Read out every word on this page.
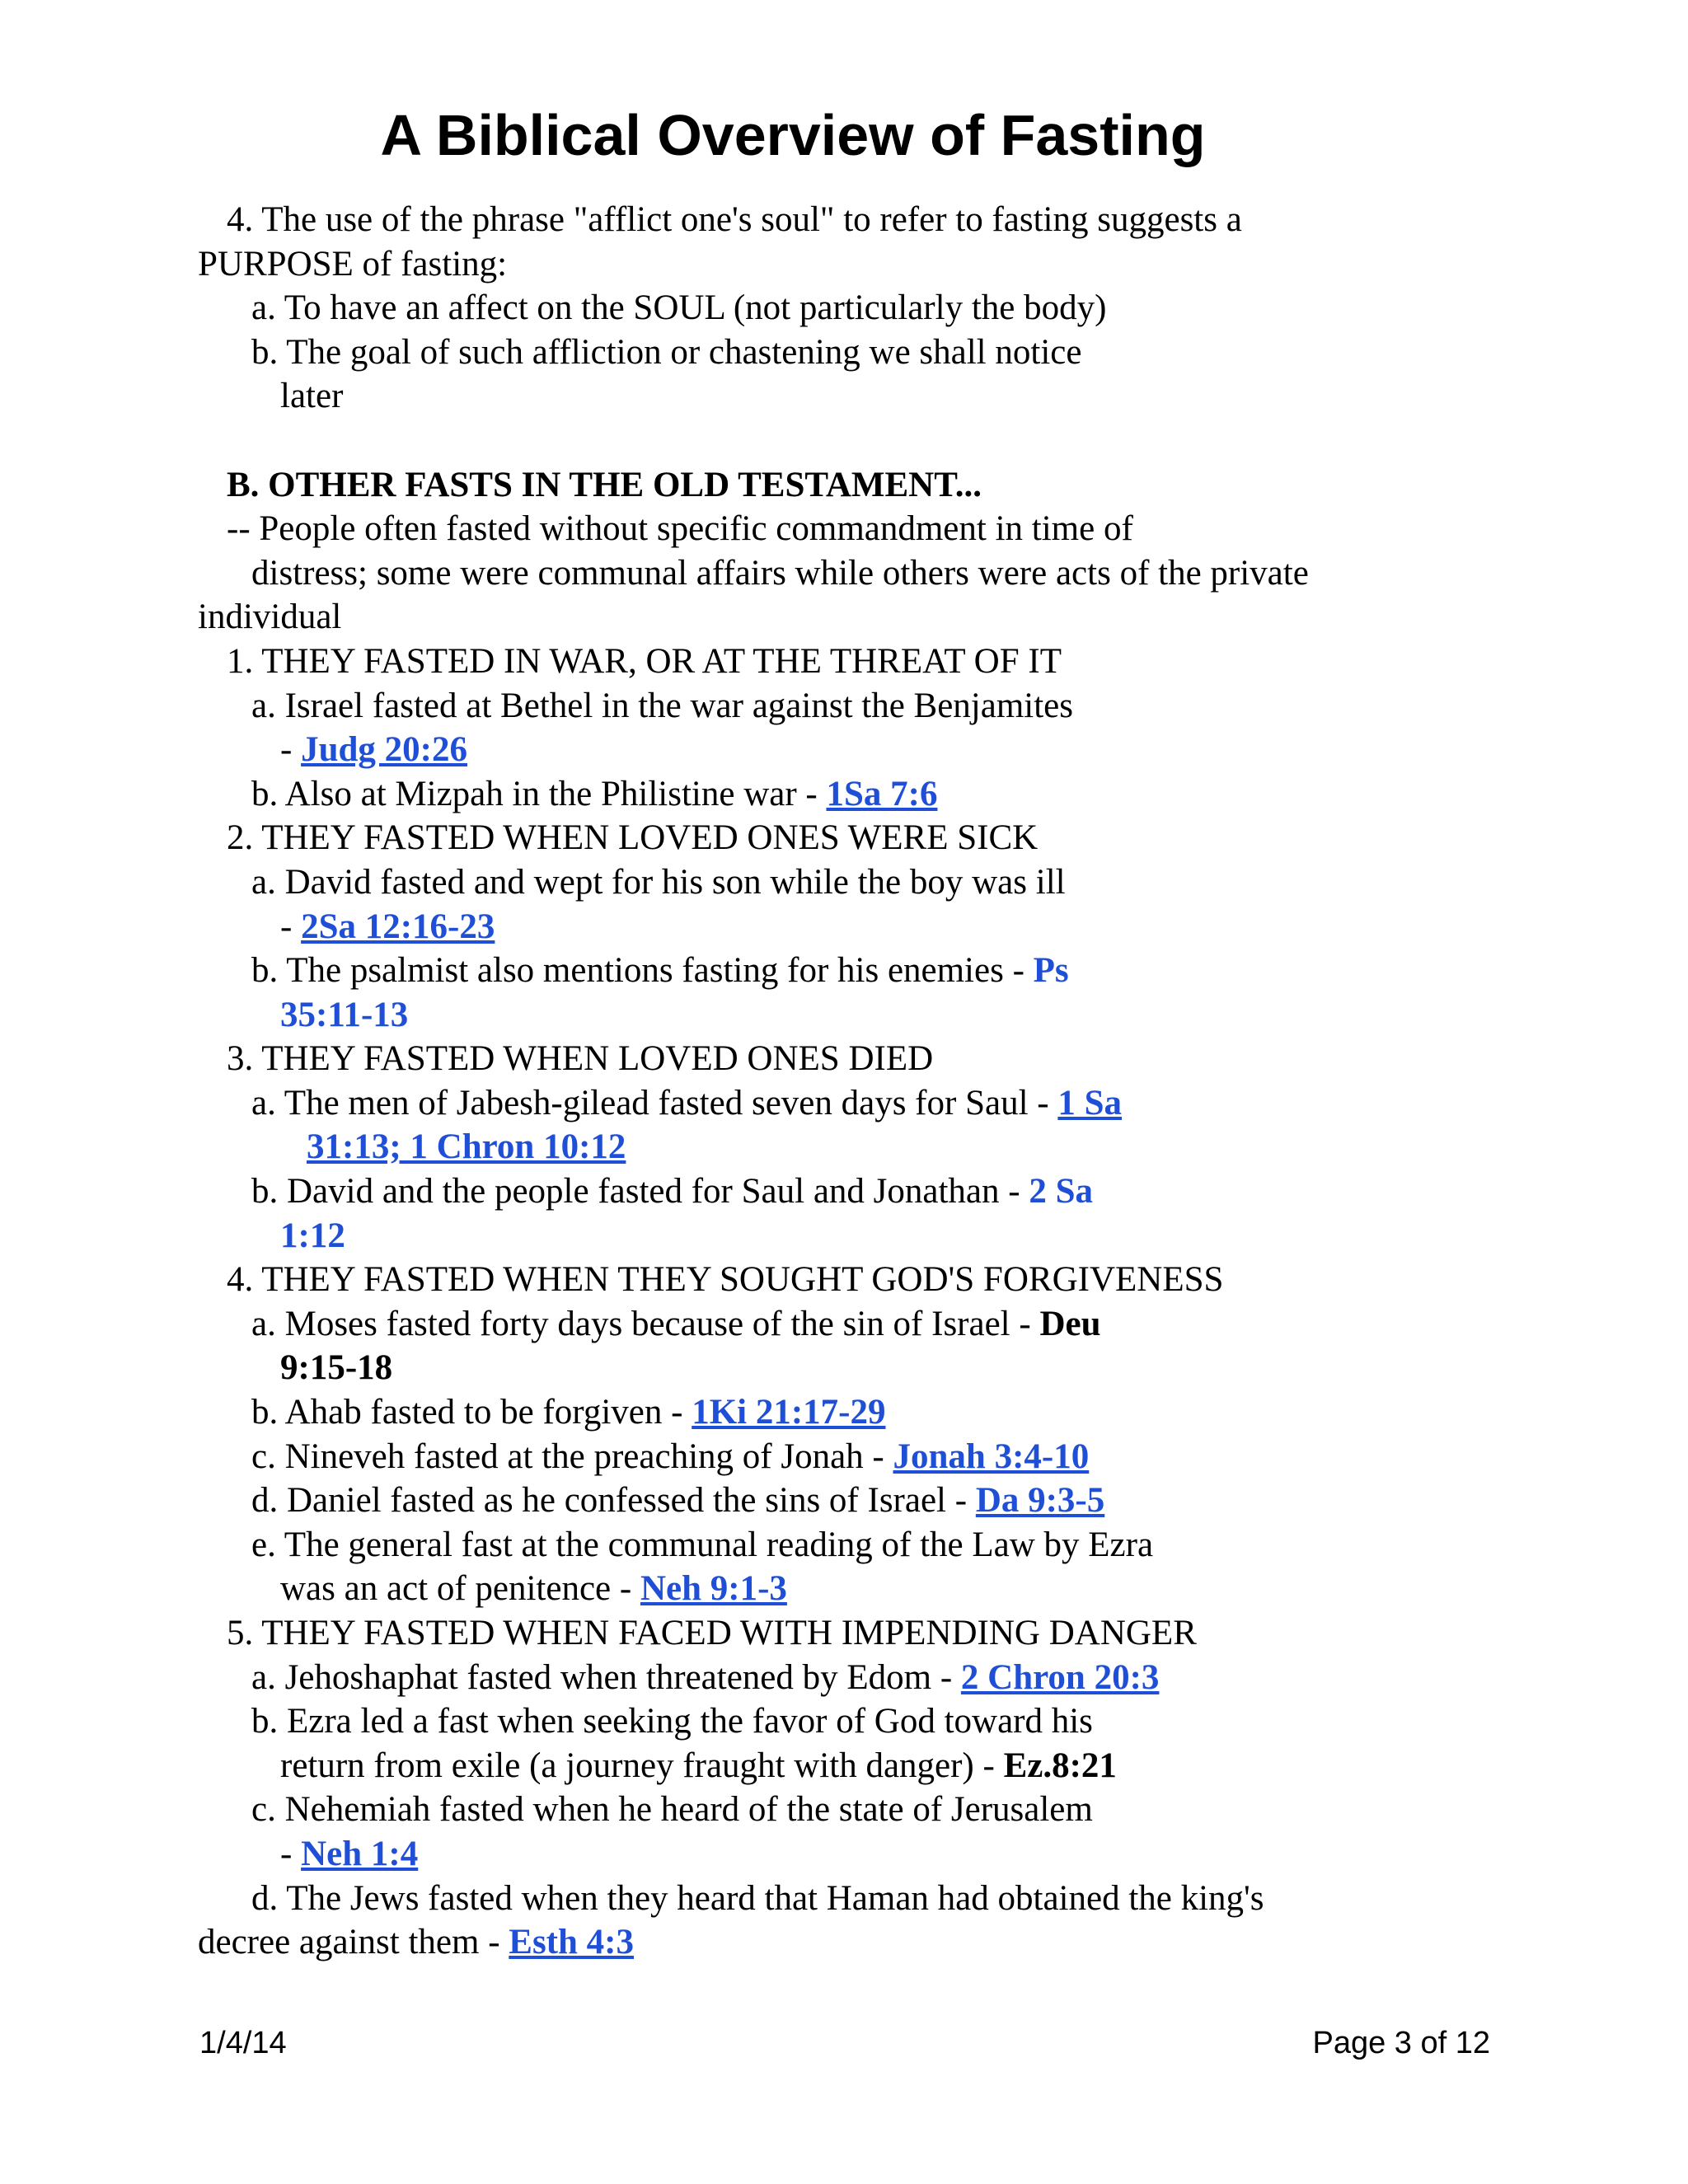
A Biblical Overview of Fasting
4. The use of the phrase "afflict one's soul" to refer to fasting suggests a
PURPOSE of fasting:
a. To have an affect on the SOUL (not particularly the body)
b. The goal of such affliction or chastening we shall notice
later
B. OTHER FASTS IN THE OLD TESTAMENT...
-- People often fasted without specific commandment in time of
distress; some were communal affairs while others were acts of the private
individual
1. THEY FASTED IN WAR, OR AT THE THREAT OF IT
a. Israel fasted at Bethel in the war against the Benjamites
- Judg 20:26
b. Also at Mizpah in the Philistine war - 1Sa 7:6
2. THEY FASTED WHEN LOVED ONES WERE SICK
a. David fasted and wept for his son while the boy was ill
- 2Sa 12:16-23
b. The psalmist also mentions fasting for his enemies - Ps
35:11-13
3. THEY FASTED WHEN LOVED ONES DIED
a. The men of Jabesh-gilead fasted seven days for Saul - 1 Sa
31:13; 1 Chron 10:12
b. David and the people fasted for Saul and Jonathan - 2 Sa
1:12
4. THEY FASTED WHEN THEY SOUGHT GOD'S FORGIVENESS
a. Moses fasted forty days because of the sin of Israel - Deu
9:15-18
b. Ahab fasted to be forgiven - 1Ki 21:17-29
c. Nineveh fasted at the preaching of Jonah - Jonah 3:4-10
d. Daniel fasted as he confessed the sins of Israel - Da 9:3-5
e. The general fast at the communal reading of the Law by Ezra
was an act of penitence - Neh 9:1-3
5. THEY FASTED WHEN FACED WITH IMPENDING DANGER
a. Jehoshaphat fasted when threatened by Edom - 2 Chron 20:3
b. Ezra led a fast when seeking the favor of God toward his
return from exile (a journey fraught with danger) - Ez.8:21
c. Nehemiah fasted when he heard of the state of Jerusalem
- Neh 1:4
d. The Jews fasted when they heard that Haman had obtained the king's
decree against them - Esth 4:3
1/4/14	Page 3 of 12
